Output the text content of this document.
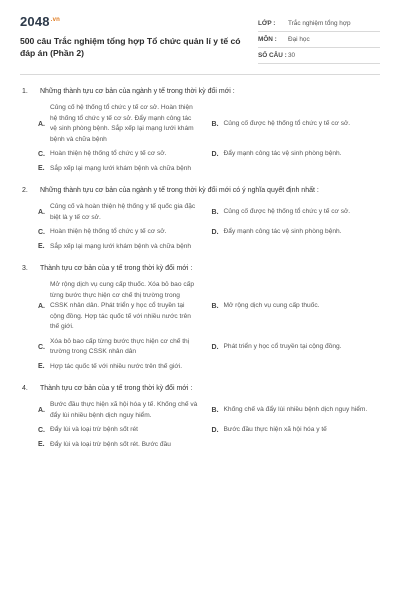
$2048^{.vn}$
500 câu Trắc nghiệm tổng hợp Tổ chức quản lí y tế có đáp án (Phần 2)
LỚP :	Trắc nghiệm tổng hợp
MÔN :	Đại học
SỐ CÂU : 30
1.	Những thành tựu cơ bản của ngành y tế trong thời kỳ đổi mới :
A.
Củng cố hệ thống tổ chức y tế cơ sở. Hoàn thiện hệ thống tổ chức y tế cơ sở. Đẩy mạnh công tác vệ sinh phòng bệnh. Sắp xếp lại mạng lưới khám bệnh và chữa bệnh
B. Củng cố được hệ thống tổ chức y tế cơ sở.
C. Hoàn thiện hệ thống tổ chức y tế cơ sở.	D. Đẩy mạnh công tác vệ sinh phòng bệnh.
E. Sắp xếp lại mạng lưới khám bệnh và chữa bệnh
2.	Những thành tựu cơ bản của ngành y tế trong thời kỳ đổi mới có ý nghĩa quyết định nhất :
A.
Củng cố và hoàn thiện hệ thống y tế quốc gia đặc biệt là y tế cơ sở.
B. Củng cố được hệ thống tổ chức y tế cơ sở.
C. Hoàn thiện hệ thống tổ chức y tế cơ sở.	D. Đẩy mạnh công tác vệ sinh phòng bệnh.
E. Sắp xếp lại mạng lưới khám bệnh và chữa bệnh
3.	Thành tựu cơ bản của y tế trong thời kỳ đổi mới :
A.
Mở rộng dịch vụ cung cấp thuốc. Xóa bỏ bao cấp từng bước thực hiện cơ chế thị trường trong CSSK nhân dân. Phát triển y học cổ truyền tại cộng đồng. Hợp tác quốc tế với nhiều nước trên thế giới.
B. Mở rộng dịch vụ cung cấp thuốc.
C.
Xóa bỏ bao cấp từng bước thực hiện cơ chế thị trường trong CSSK nhân dân
D. Phát triển y học cổ truyền tại cộng đồng.
E. Hợp tác quốc tế với nhiều nước trên thế giới.
4.	Thành tựu cơ bản của y tế trong thời kỳ đổi mới :
A.
Bước đầu thực hiện xã hội hóa y tế. Khống chế và đẩy lùi nhiều bệnh dịch nguy hiểm.
B. Khống chế và đẩy lùi nhiều bệnh dịch nguy hiểm.
C. Đẩy lùi và loại trừ bệnh sốt rét	D. Bước đầu thực hiện xã hội hóa y tế
E. Đẩy lùi và loại trừ bệnh sốt rét. Bước đầu
